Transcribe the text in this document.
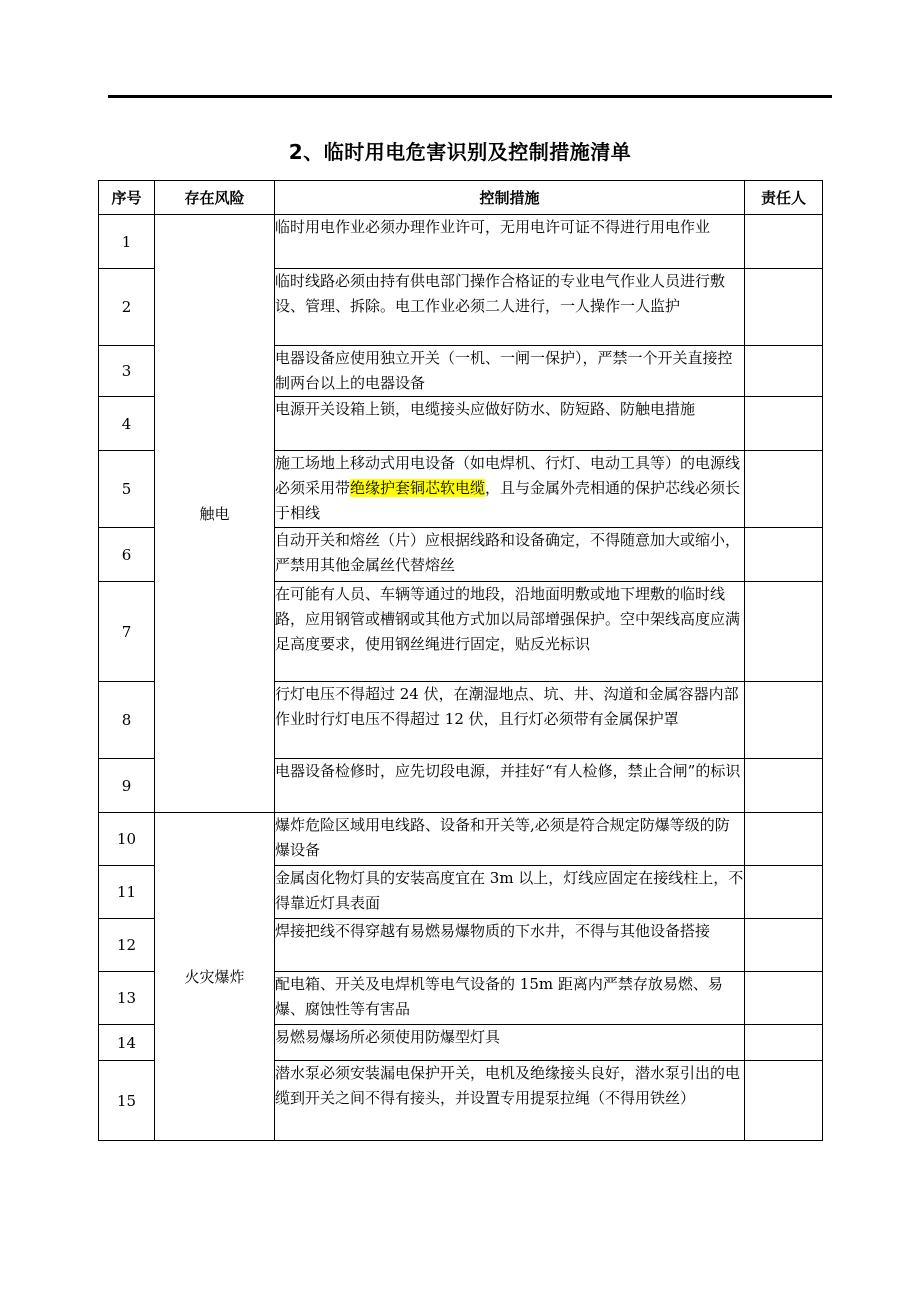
2、临时用电危害识别及控制措施清单
序号	存在风险	控制措施	责任人
1	触电	临时用电作业必须办理作业许可，无用电许可证不得进行用电作业	
2		临时线路必须由持有供电部门操作合格证的专业电气作业人员进行敷设、管理、拆除。电工作业必须二人进行，一人操作一人监护	
3		电器设备应使用独立开关（一机、一闸一保护），严禁一个开关直接控制两台以上的电器设备	
4		电源开关设箱上锁，电缆接头应做好防水、防短路、防触电措施	
5		施工场地上移动式用电设备（如电焊机、行灯、电动工具等）的电源线必须采用带绝缘护套铜芯软电缆，且与金属外壳相通的保护芯线必须长于相线	
6		自动开关和熔丝（片）应根据线路和设备确定，不得随意加大或缩小，严禁用其他金属丝代替熔丝	
7		在可能有人员、车辆等通过的地段，沿地面明敷或地下埋敷的临时线路，应用钢管或槽钢或其他方式加以局部增强保护。空中架线高度应满足高度要求，使用钢丝绳进行固定，贴反光标识	
8		行灯电压不得超过 24 伏，在潮湿地点、坑、井、沟道和金属容器内部作业时行灯电压不得超过 12 伏，且行灯必须带有金属保护罩	
9		电器设备检修时，应先切段电源，并挂好“有人检修，禁止合闸”的标识	
10	火灾爆炸	爆炸危险区域用电线路、设备和开关等,必须是符合规定防爆等级的防爆设备	
11		金属卤化物灯具的安装高度宜在 3m 以上，灯线应固定在接线柱上，不得靠近灯具表面	
12		焊接把线不得穿越有易燃易爆物质的下水井，不得与其他设备搭接	
13		配电箱、开关及电焊机等电气设备的 15m 距离内严禁存放易燃、易爆、腐蚀性等有害品	
14		易燃易爆场所必须使用防爆型灯具	
15		潜水泵必须安装漏电保护开关，电机及绝缘接头良好，潜水泵引出的电缆到开关之间不得有接头，并设置专用提泵拉绳（不得用铁丝）	
